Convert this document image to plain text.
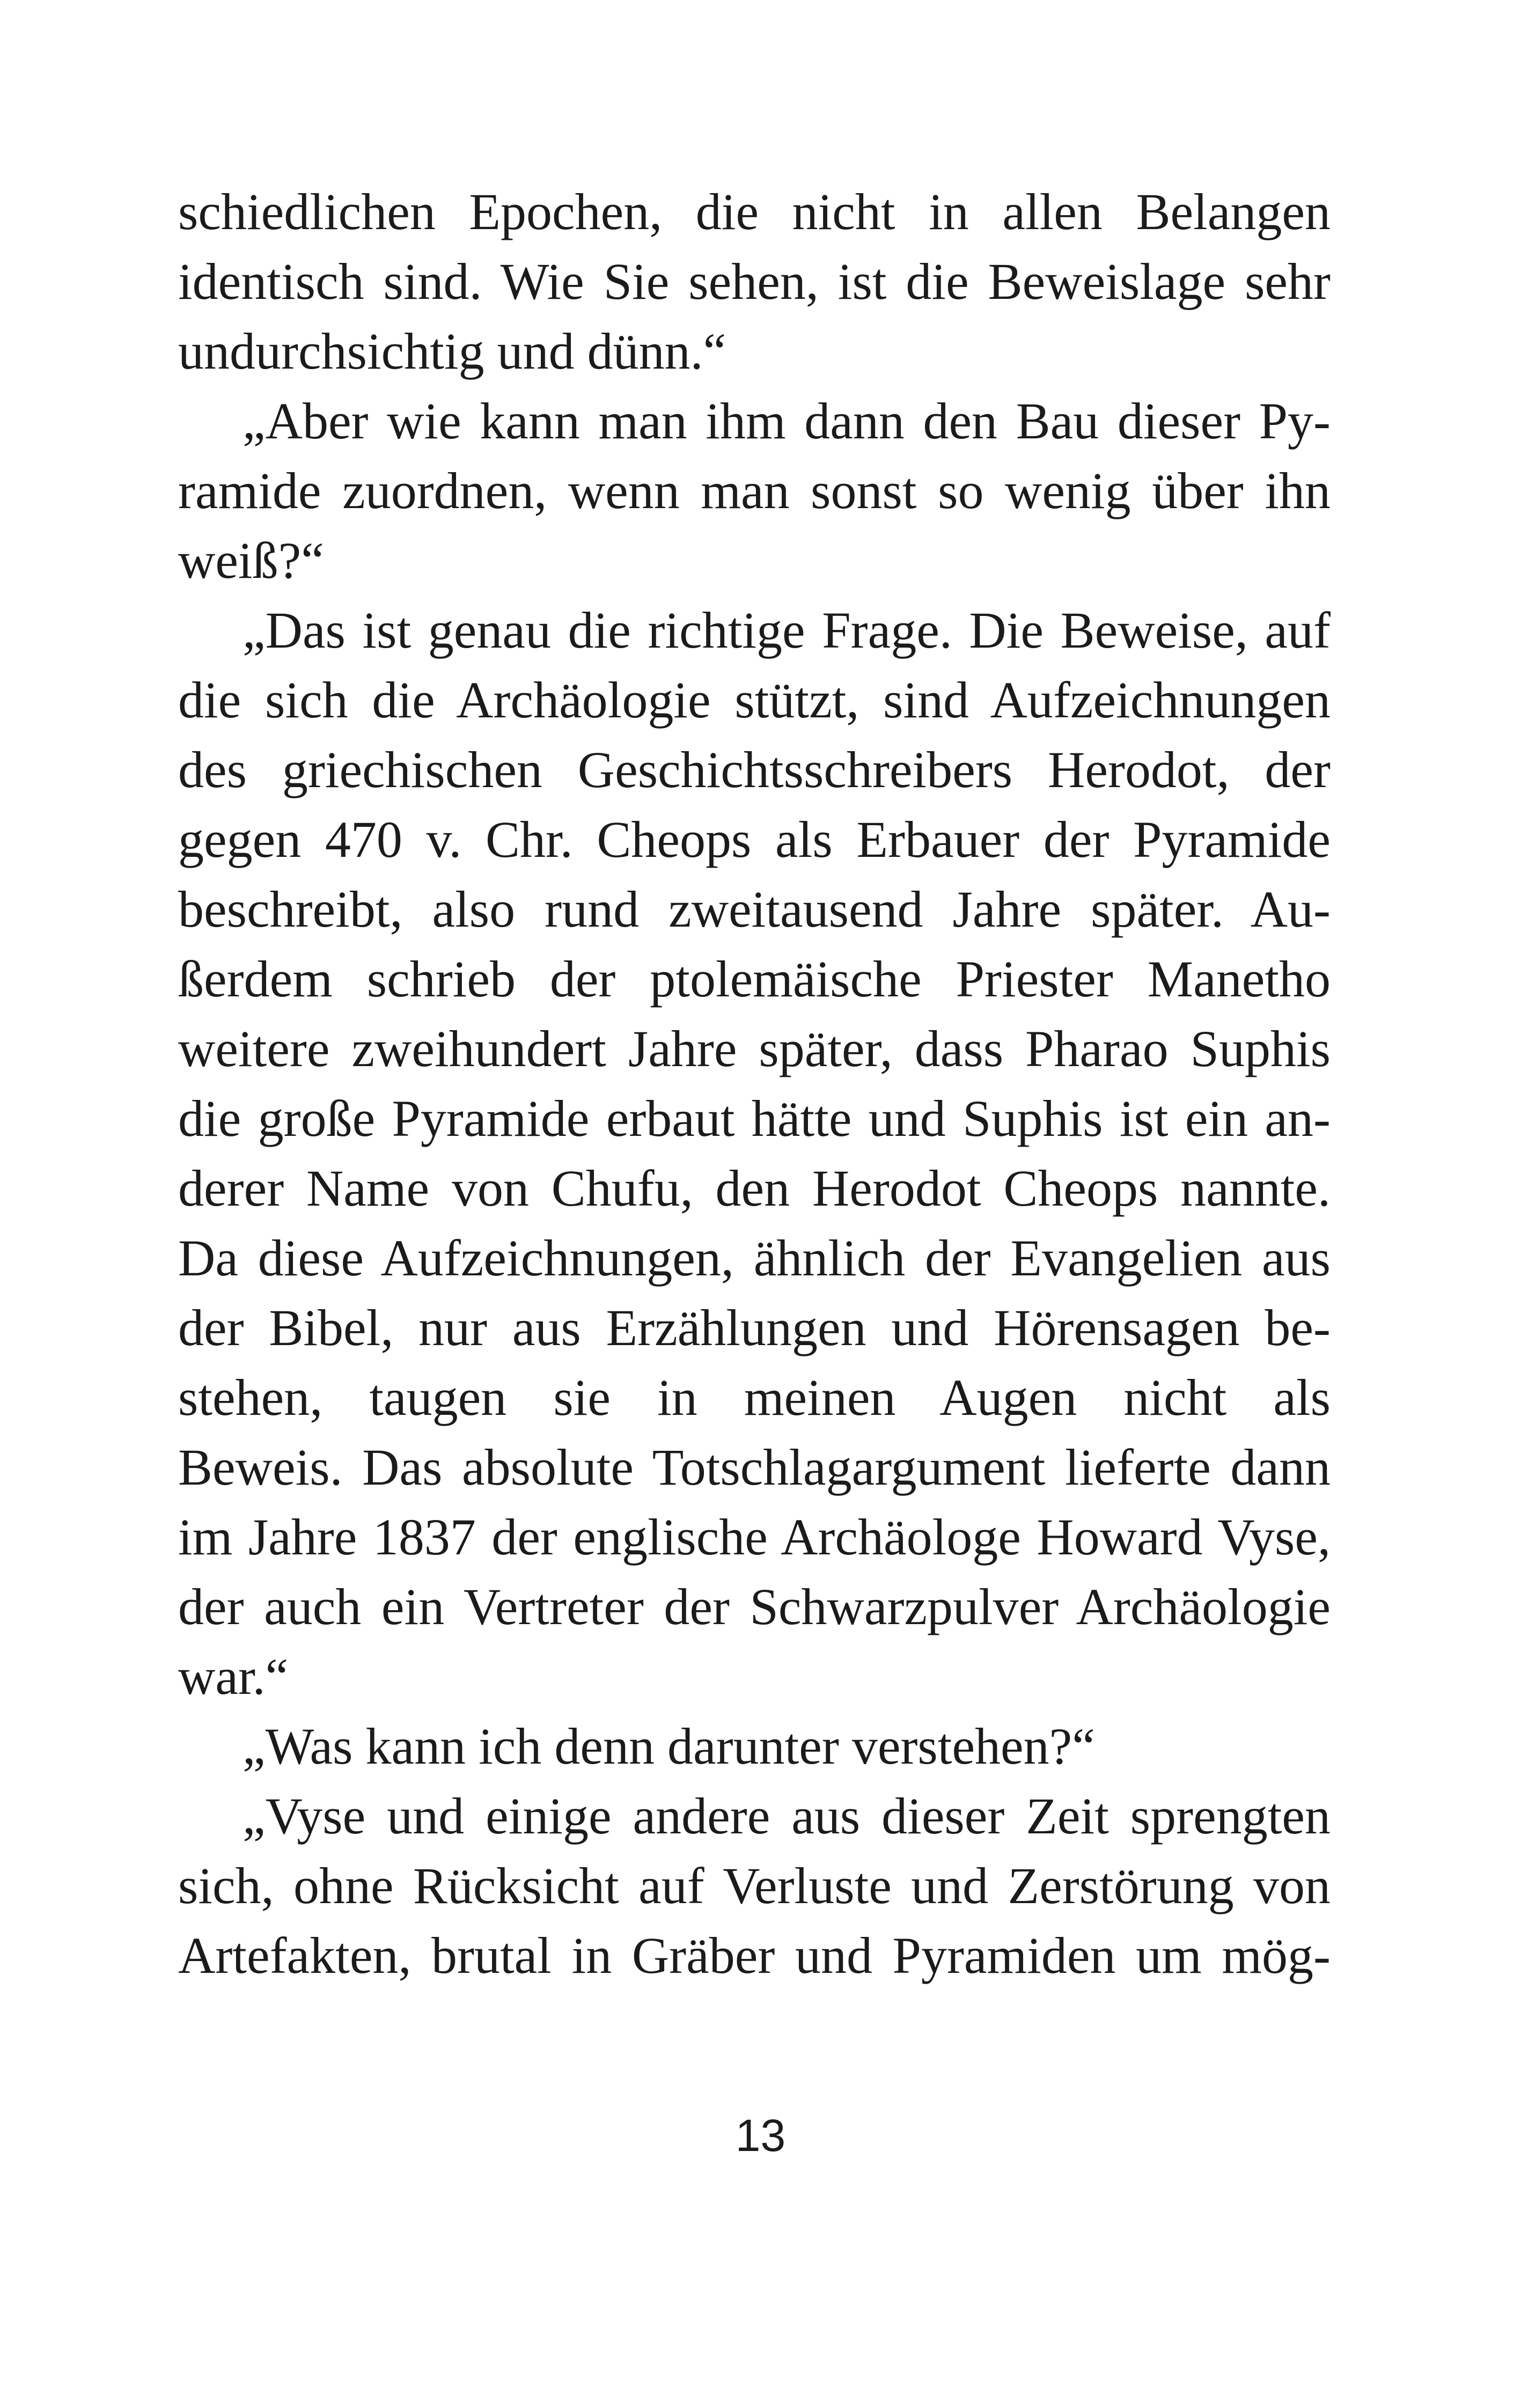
schiedlichen Epochen, die nicht in allen Belangen
identisch sind. Wie Sie sehen, ist die Beweislage sehr
undurchsichtig und dünn.“
„Aber wie kann man ihm dann den Bau dieser Py-
ramide zuordnen, wenn man sonst so wenig über ihn
weiß?“
„Das ist genau die richtige Frage. Die Beweise, auf
die sich die Archäologie stützt, sind Aufzeichnungen
des griechischen Geschichtsschreibers Herodot, der
gegen 470 v. Chr. Cheops als Erbauer der Pyramide
beschreibt, also rund zweitausend Jahre später. Au-
ßerdem schrieb der ptolemäische Priester Manetho
weitere zweihundert Jahre später, dass Pharao Suphis
die große Pyramide erbaut hätte und Suphis ist ein an-
derer Name von Chufu, den Herodot Cheops nannte.
Da diese Aufzeichnungen, ähnlich der Evangelien aus
der Bibel, nur aus Erzählungen und Hörensagen be-
stehen, taugen sie in meinen Augen nicht als
Beweis. Das absolute Totschlagargument lieferte dann
im Jahre 1837 der englische Archäologe Howard Vyse,
der auch ein Vertreter der Schwarzpulver Archäologie
war.“
„Was kann ich denn darunter verstehen?“
„Vyse und einige andere aus dieser Zeit sprengten
sich, ohne Rücksicht auf Verluste und Zerstörung von
Artefakten, brutal in Gräber und Pyramiden um mög-
13
